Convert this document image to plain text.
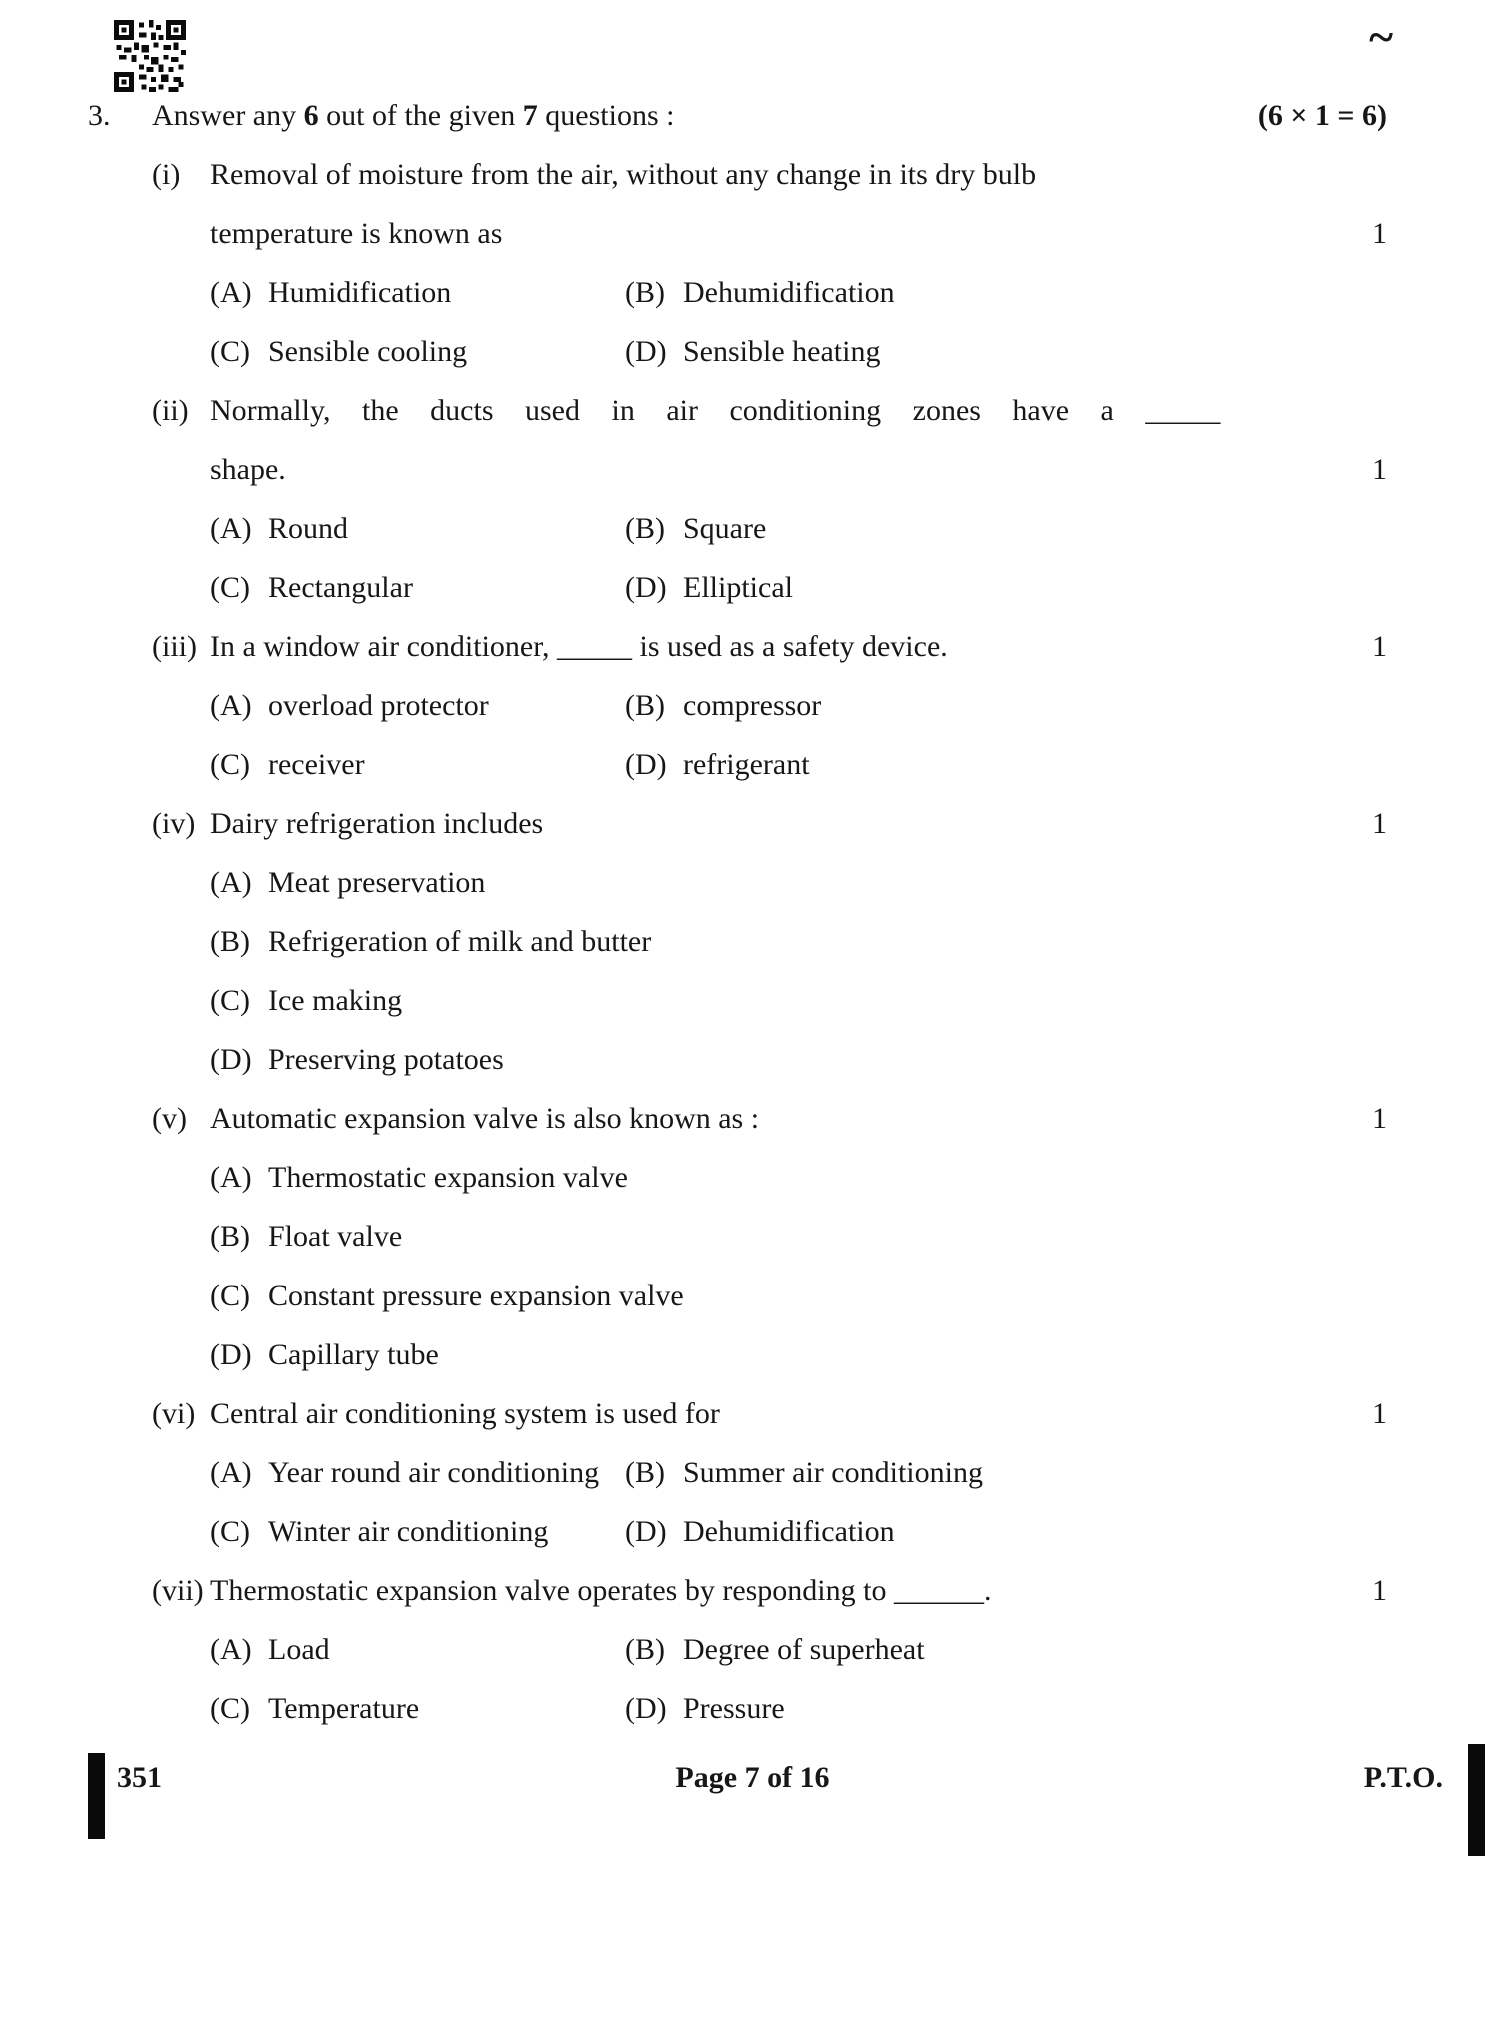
~
3.	Answer any 6 out of the given 7 questions :	(6 × 1 = 6)
(i) Removal of moisture from the air, without any change in its dry bulb
temperature is known as	1
(A) Humidification	(B) Dehumidification
(C) Sensible cooling	(D) Sensible heating
(ii) Normally, the ducts used in air conditioning zones have a _____
shape.	1
(A) Round	(B) Square
(C) Rectangular	(D) Elliptical
(iii) In a window air conditioner, _____ is used as a safety device.	1
(A) overload protector	(B) compressor
(C) receiver	(D) refrigerant
(iv) Dairy refrigeration includes	1
(A) Meat preservation
(B) Refrigeration of milk and butter
(C) Ice making
(D) Preserving potatoes
(v) Automatic expansion valve is also known as :	1
(A) Thermostatic expansion valve
(B) Float valve
(C) Constant pressure expansion valve
(D) Capillary tube
(vi) Central air conditioning system is used for	1
(A) Year round air conditioning (B) Summer air conditioning
(C) Winter air conditioning	(D) Dehumidification
(vii) Thermostatic expansion valve operates by responding to ______.	1
(A) Load	(B) Degree of superheat
(C) Temperature	(D) Pressure
351	Page 7 of 16	P.T.O.
